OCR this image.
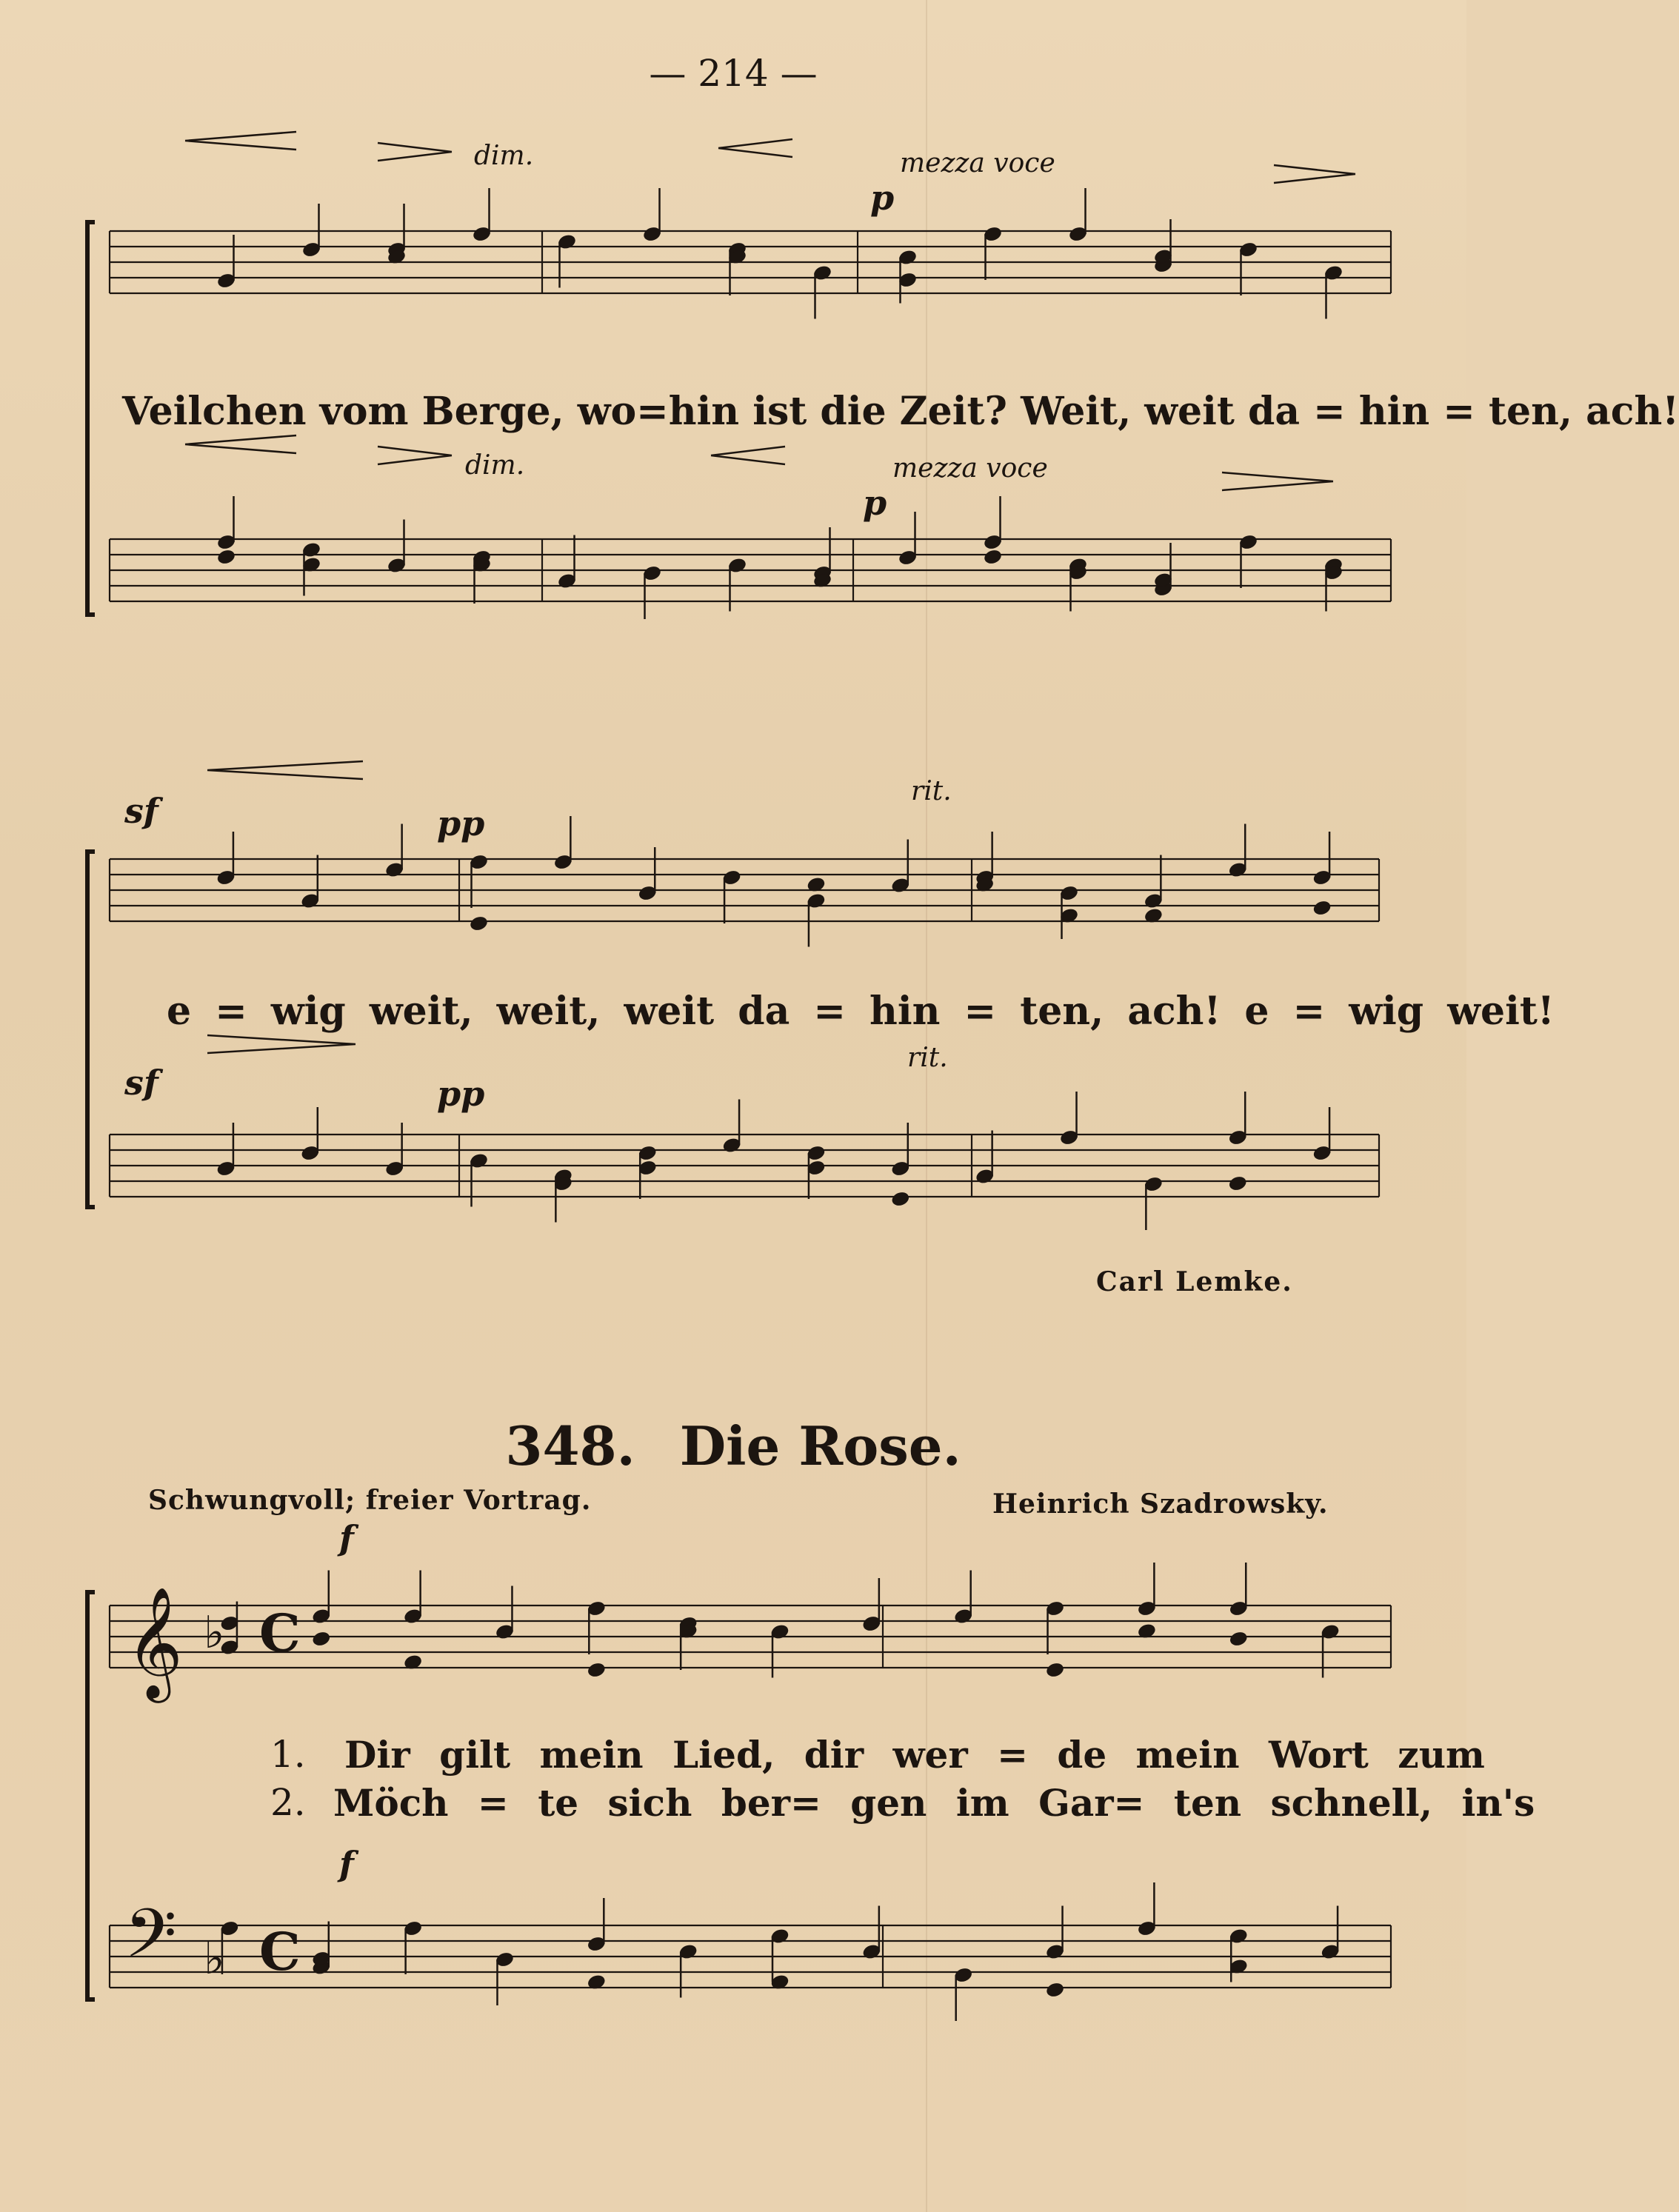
— 214 —
dim.	mezza voce
p
Veilchen vom Berge, wo=hin ist die Zeit? Weit, weit da = hin = ten, ach!
dim.	mezza voce
p
sf	pp
rit.
e = wig weit, weit, weit da = hin = ten, ach! e = wig weit!
sf	pp
rit.
Carl Lemke.
348. Die Rose.
Schwungvoll; freier Vortrag.	Heinrich Szadrowsky.
f
1. Dir gilt mein Lied, dir wer = de mein Wort zum
2. Möch = te sich ber= gen im Gar= ten schnell, in's
f
𝄞
𝄢
♭
♭
C
C
